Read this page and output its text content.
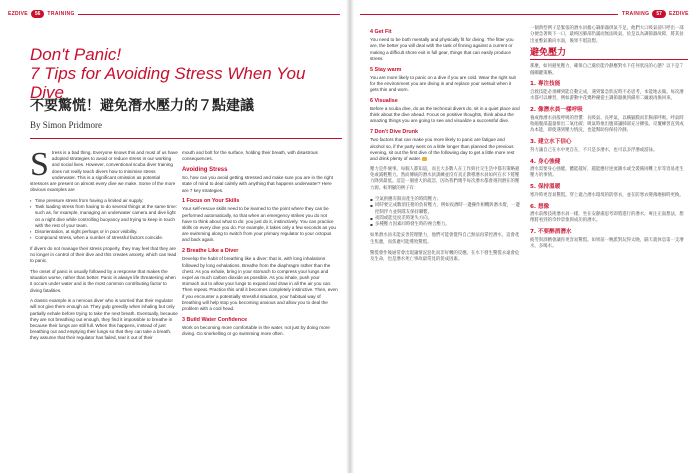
EZDIVE	56	TRAINING	TRAINING	57	EZDIVE
Don't Panic!
7 Tips for Avoiding Stress When You Dive
不要驚慌！避免潛水壓力的７點建議
By Simon Pridmore

Stress is a bad thing. Everyone knows this and most of us have adopted strategies to avoid or reduce stress in our working and social lives. However, conventional scuba diver training does not really teach divers how to minimise stress underwater. This is a significant omission as potential stressors are present on almost every dive we make. Some of the more obvious examples are

▪ Time pressure stress from having a limited air supply;
▪ Task loading stress from having to do several things at the same time: such as, for example, managing an underwater camera and dive light on a night dive while controlling buoyancy and trying to keep in touch with the rest of your team.
▪ Disorientation, at night perhaps or in poor visibility.
▪ Compound stress, when a number of stressful factors coincide.

If divers do not manage their stress properly, they may feel that they are no longer in control of their dive and this creates anxiety, which can lead to panic.

The onset of panic is usually followed by a response that makes the situation worse, rather than better. Panic is always life threatening when it occurs under water and is the most common contributing factor to diving fatalities.

A classic example is a nervous diver who is worried that their regulator will not give them enough air. They gulp greedily when inhaling but only partially exhale before trying to take the next breath. Eventually, because they are not breathing out enough, they find it impossible to breathe in because their lungs are still full. When this happens, instead of just breathing out and emptying their lungs so that they can take a breath, they assume that their regulator has failed, tear it out of their

mouth and bolt for the surface, holding their breath, with disastrous consequences.

Avoiding Stress

So, how can you avoid getting stressed and make sure you are in the right state of mind to deal calmly with anything that happens underwater? Here are 7 key strategies.

1 Focus on Your Skills

Your self-rescue skills need to be learned to the point where they can be performed automatically, so that when an emergency strikes you do not have to think about what to do: you just do it, instinctively. You can practice skills on every dive you do. For example, it takes only a few seconds as you are swimming along to switch from your primary regulator to your octopus and back again.

2 Breathe Like a Diver

Develop the habit of breathing like a diver: that is, with long inhalations followed by long exhalations. Breathe from the diaphragm rather than the chest. As you exhale, bring in your stomach to compress your lungs and expel as much carbon dioxide as possible. As you inhale, push your stomach out to allow your lungs to expand and draw in all the air you can. Then repeat. Practice this until it becomes completely instinctive. Then, even if you encounter a potentially stressful situation, your habitual way of breathing will help stop you becoming anxious and allow you to deal the problem with a cool head.

3 Build Water Confidence

Work on becoming more comfortable in the water, not just by doing more diving. Go snorkelling or go swimming more often.

4 Get Fit

You need to be both mentally and physically fit for diving. The fitter you are, the better you will deal with the task of finning against a current or making a difficult shore exit in full gear, things that can easily produce stress.

5 Stay warm

You are more likely to panic on a dive if you are cold. Wear the right suit for the environment you are diving in and replace your wetsuit when it gets thin and worn.

6 Visualise

Before a scuba dive, do as the technical divers do, sit in a quiet place and think about the dive ahead. Focus on positive thoughts, think about the amazing things you are going to see and visualize a successful dive.

7 Don't Dive Drunk

Two factors that can make you more likely to panic are fatigue and alcohol so, if the party went on a little longer than planned the previous evening, sit out the first dive of the following day to get a little more rest and drink plenty of water.

壓力是件壞事。每個人都知道，而且大多數人在工作與社交生活中都有策略避免或減輕壓力。然而傳統的潛水員訓練並沒有真正教導潛水員如何在水下將壓力降到最低。這是一個重大的疏忽，因為我們幾乎每次潛水都會遇到潛在的壓力源。較明顯的例子有：

▪ 空氣供應有限而產生的時間壓力；
▪ 同時要完成數項任務的負荷壓力，例如夜潛時一邊操作相機與潛水燈，一邊控制浮力並與隊友保持聯繫。
▪ 夜間或能見度差時迷失方向。
▪ 多種壓力因素同時發生時的複合壓力。

如果潛水員未能妥善管理壓力，他們可能會覺得自己無法再掌控潛水，這會產生焦慮，而焦慮可能導致驚慌。

驚慌發作後通常會出現讓情況惡化而非好轉的反應。在水下發生驚慌永遠會危及生命，也是潛水死亡事故最常見的促成因素。

一個典型例子是緊張的潛水員擔心調節器供氣不足。他們大口吸氣卻只呼出一部分便急著吸下一口，最終因肺部仍滿而無法吸氣，於是以為調節器故障，將其扯出並憋氣衝向水面，後果不堪設想。

避免壓力

那麼，如何避免壓力，確保自己處於能冷靜應對水下任何狀況的心態？以下是７個關鍵策略。

1. 專注技能

自救技能必須練到能自動完成，遇到緊急狀況時不必思考，本能地去做。每次潛水都可以練習，例如游動中花幾秒鐘從主調節器換到備用二級頭再換回來。

2. 像潛水員一樣呼吸

養成像潛水員般呼吸的習慣：長吸氣、長呼氣，以橫膈膜而非胸部呼吸。呼氣時收縮腹部盡量排出二氧化碳；吸氣時推出腹部讓肺部充分擴張。反覆練習直到成為本能，即使遇到壓力情況，也能幫助你保持冷靜。

3. 建立水下信心

努力讓自己在水中更自在，不只是多潛水，也可以多浮潛或游泳。

4. 身心強健

潛水需要身心強健。體能越好，越能應付逆流踢水或全裝備困難上岸等容易產生壓力的事情。

5. 保持溫暖

寒冷時更容易驚慌。穿上適合潛水環境的防寒衣，並在防寒衣變薄磨損時更換。

6. 想像

潛水前像技術潛水員一樣，坐在安靜處思考即將進行的潛水，專注正面想法，想像將看到的奇妙景象與成功的潛水。

7. 不要醉酒潛水

疲勞與酒精會讓你更容易驚慌。如果前一晚派對玩得太晚，隔天就休息第一支潛水，多喝水。
